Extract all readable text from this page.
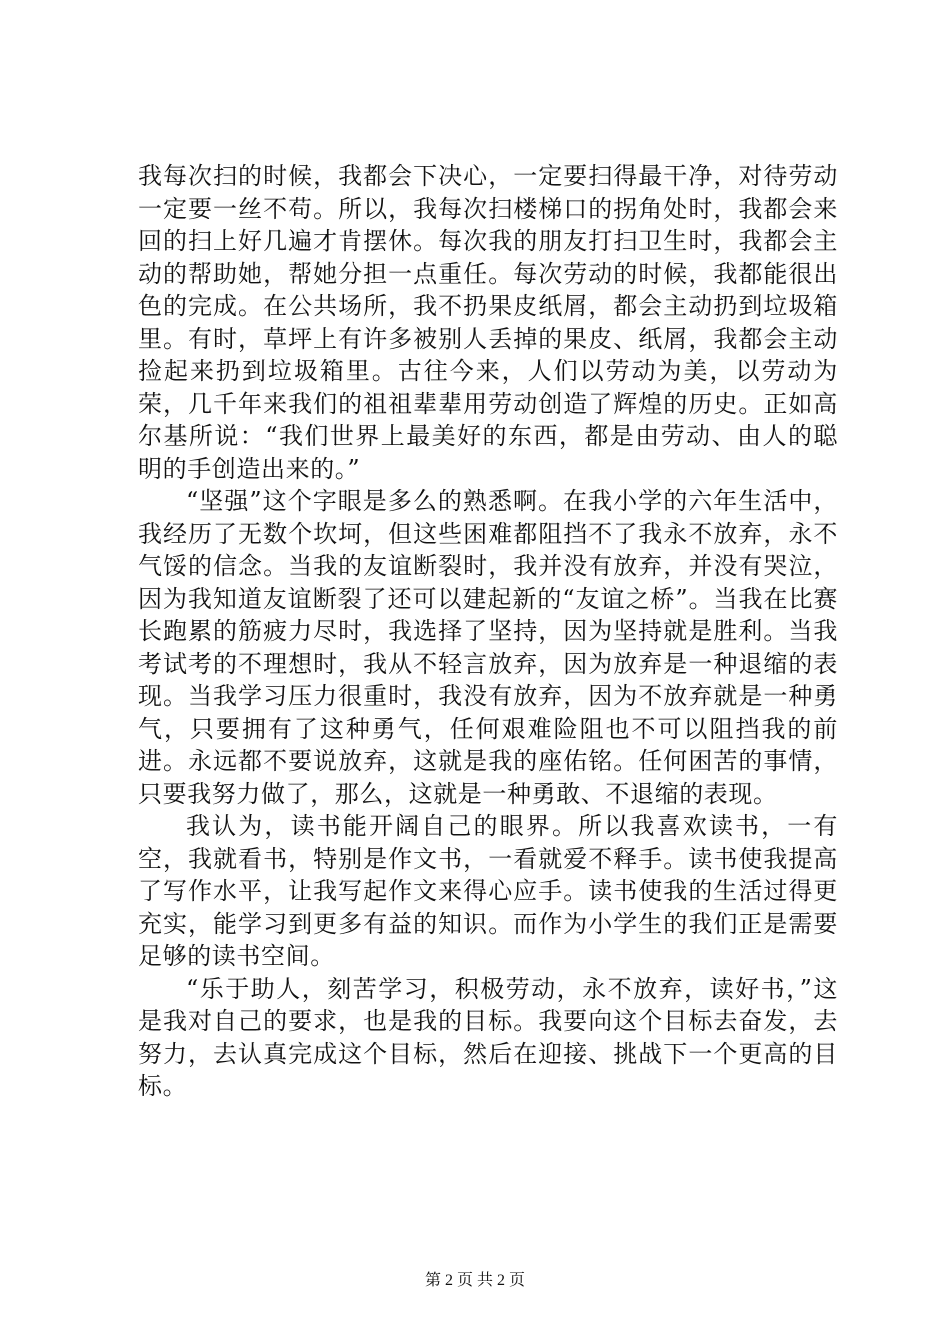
我每次扫的时候，我都会下决心，一定要扫得最干净，对待劳动一定要一丝不苟。所以，我每次扫楼梯口的拐角处时，我都会来回的扫上好几遍才肯摆休。每次我的朋友打扫卫生时，我都会主动的帮助她，帮她分担一点重任。每次劳动的时候，我都能很出色的完成。在公共场所，我不扔果皮纸屑，都会主动扔到垃圾箱里。有时，草坪上有许多被别人丢掉的果皮、纸屑，我都会主动捡起来扔到垃圾箱里。古往今来，人们以劳动为美，以劳动为荣，几千年来我们的祖祖辈辈用劳动创造了辉煌的历史。正如高尔基所说：“我们世界上最美好的东西，都是由劳动、由人的聪明的手创造出来的。”

“坚强”这个字眼是多么的熟悉啊。在我小学的六年生活中，我经历了无数个坎坷，但这些困难都阻挡不了我永不放弃，永不气馁的信念。当我的友谊断裂时，我并没有放弃，并没有哭泣，因为我知道友谊断裂了还可以建起新的“友谊之桥”。当我在比赛长跑累的筋疲力尽时，我选择了坚持，因为坚持就是胜利。当我考试考的不理想时，我从不轻言放弃，因为放弃是一种退缩的表现。当我学习压力很重时，我没有放弃，因为不放弃就是一种勇气，只要拥有了这种勇气，任何艰难险阻也不可以阻挡我的前进。永远都不要说放弃，这就是我的座佑铭。任何困苦的事情，只要我努力做了，那么，这就是一种勇敢、不退缩的表现。

我认为，读书能开阔自己的眼界。所以我喜欢读书，一有空，我就看书，特别是作文书，一看就爱不释手。读书使我提高了写作水平，让我写起作文来得心应手。读书使我的生活过得更充实，能学习到更多有益的知识。而作为小学生的我们正是需要足够的读书空间。

“乐于助人，刻苦学习，积极劳动，永不放弃，读好书，”这是我对自己的要求，也是我的目标。我要向这个目标去奋发，去努力，去认真完成这个目标，然后在迎接、挑战下一个更高的目标。

第 2 页 共 2 页
